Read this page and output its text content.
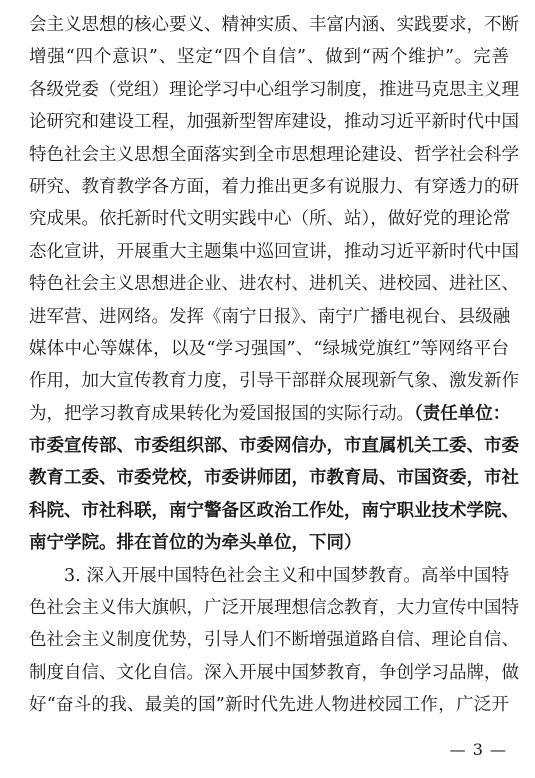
会主义思想的核心要义、精神实质、丰富内涵、实践要求，不断
增强“四个意识”、坚定“四个自信”、做到“两个维护”。完善
各级党委（党组）理论学习中心组学习制度，推进马克思主义理
论研究和建设工程，加强新型智库建设，推动习近平新时代中国
特色社会主义思想全面落实到全市思想理论建设、哲学社会科学
研究、教育教学各方面，着力推出更多有说服力、有穿透力的研
究成果。依托新时代文明实践中心（所、站），做好党的理论常
态化宣讲，开展重大主题集中巡回宣讲，推动习近平新时代中国
特色社会主义思想进企业、进农村、进机关、进校园、进社区、
进军营、进网络。发挥《南宁日报》、南宁广播电视台、县级融
媒体中心等媒体，以及“学习强国”、“绿城党旗红”等网络平台
作用，加大宣传教育力度，引导干部群众展现新气象、激发新作
为，把学习教育成果转化为爱国报国的实际行动。（责任单位：
市委宣传部、市委组织部、市委网信办，市直属机关工委、市委
教育工委、市委党校，市委讲师团，市教育局、市国资委，市社
科院、市社科联，南宁警备区政治工作处，南宁职业技术学院、
南宁学院。排在首位的为牵头单位，下同）
3. 深入开展中国特色社会主义和中国梦教育。高举中国特
色社会主义伟大旗帜，广泛开展理想信念教育，大力宣传中国特
色社会主义制度优势，引导人们不断增强道路自信、理论自信、
制度自信、文化自信。深入开展中国梦教育，争创学习品牌，做
好“奋斗的我、最美的国”新时代先进人物进校园工作，广泛开
— 3 —
